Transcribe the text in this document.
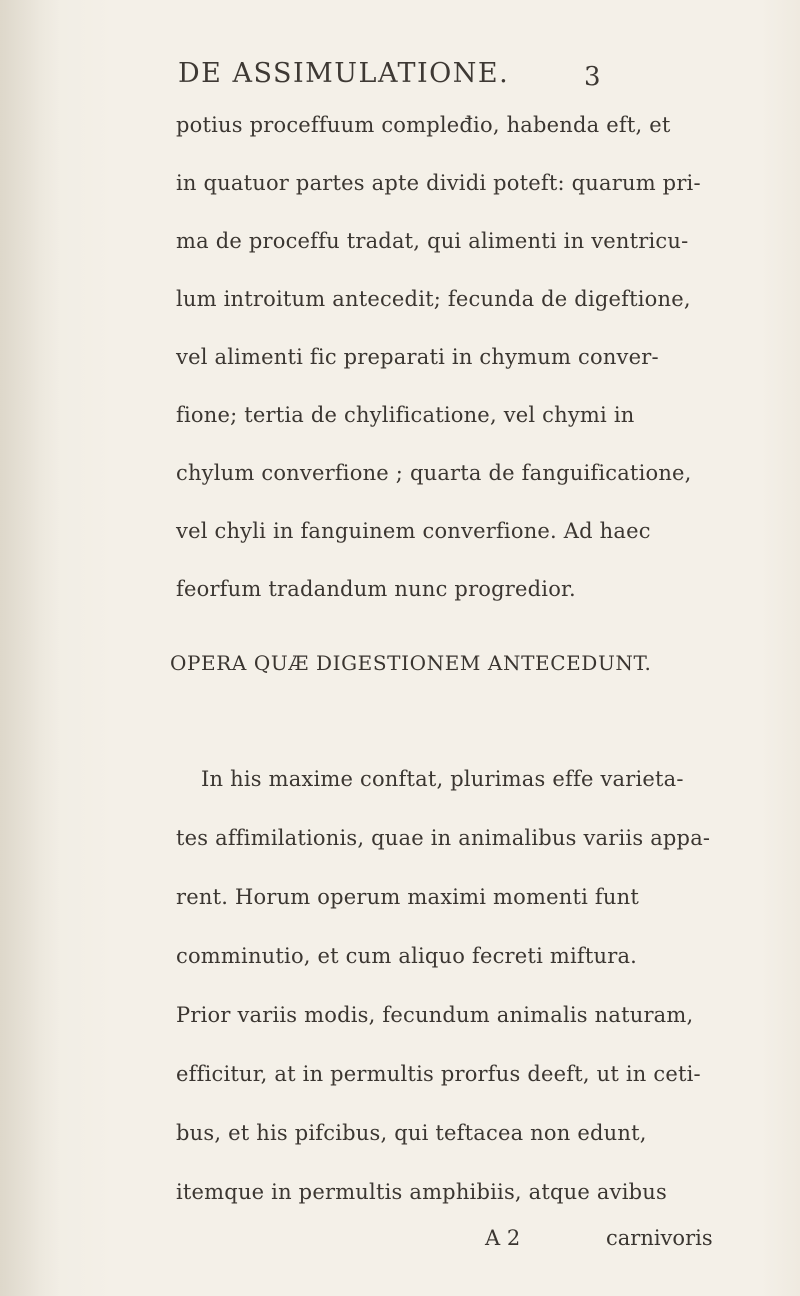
DE ASSIMULATIONE.	3
potius proceffuum compleđio, habenda eft, et
in quatuor partes apte dividi poteft: quarum pri-
ma de proceffu tradat, qui alimenti in ventricu-
lum introitum antecedit; fecunda de digeftione,
vel alimenti fic preparati in chymum conver-
fione; tertia de chylificatione, vel chymi in
chylum converfione ; quarta de fanguificatione,
vel chyli in fanguinem converfione. Ad haec
feorfum tradandum nunc progredior.
OPERA QUÆ DIGESTIONEM ANTECEDUNT.
In his maxime conftat, plurimas effe varieta-
tes affimilationis, quae in animalibus variis appa-
rent. Horum operum maximi momenti funt
comminutio, et cum aliquo fecreti miftura.
Prior variis modis, fecundum animalis naturam,
efficitur, at in permultis prorfus deeft, ut in ceti-
bus, et his pifcibus, qui teftacea non edunt,
itemque in permultis amphibiis, atque avibus
A 2	carnivoris
